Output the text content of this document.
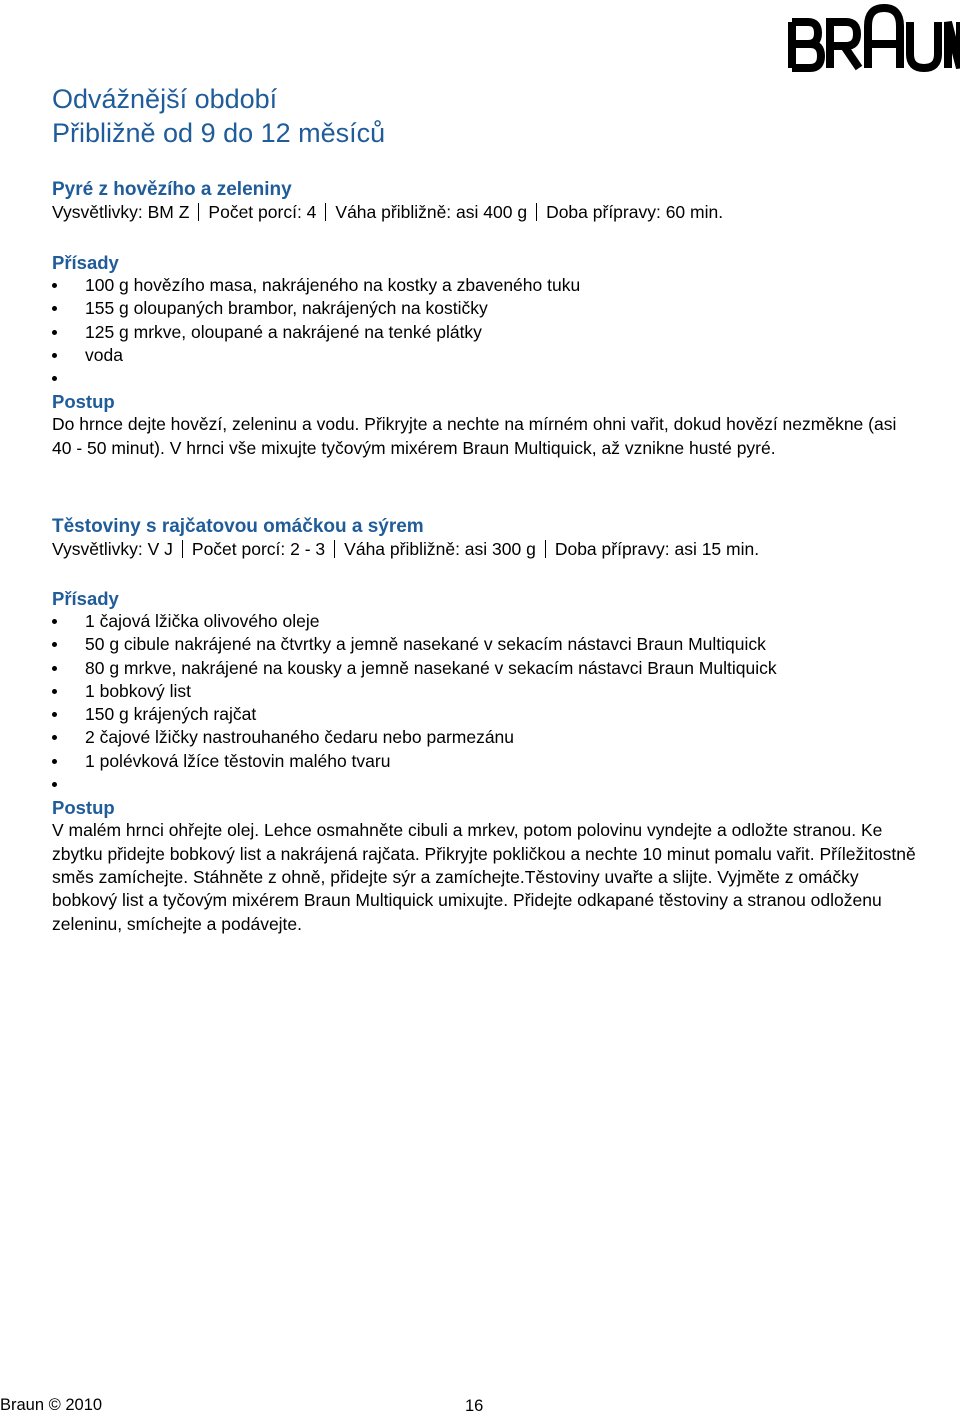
Odvážnější období
Přibližně od 9 do 12 měsíců
Pyré z hovězího a zeleniny
Vysvětlivky: BM Z Počet porcí: 4 Váha přibližně: asi 400 g Doba přípravy: 60 min.
Přísady
100 g hovězího masa, nakrájeného na kostky a zbaveného tuku
155 g oloupaných brambor, nakrájených na kostičky
125 g mrkve, oloupané a nakrájené na tenké plátky
voda
Postup

Do hrnce dejte hovězí, zeleninu a vodu. Přikryjte a nechte na mírném ohni vařit, dokud hovězí nezměkne (asi 40 - 50 minut). V hrnci vše mixujte tyčovým mixérem Braun Multiquick, až vznikne husté pyré.

Těstoviny s rajčatovou omáčkou a sýrem
Vysvětlivky: V J Počet porcí: 2 - 3 Váha přibližně: asi 300 g Doba přípravy: asi 15 min.
Přísady
1 čajová lžička olivového oleje
50 g cibule nakrájené na čtvrtky a jemně nasekané v sekacím nástavci Braun Multiquick
80 g mrkve, nakrájené na kousky a jemně nasekané v sekacím nástavci Braun Multiquick
1 bobkový list
150 g krájených rajčat
2 čajové lžičky nastrouhaného čedaru nebo parmezánu
1 polévková lžíce těstovin malého tvaru
Postup

V malém hrnci ohřejte olej. Lehce osmahněte cibuli a mrkev, potom polovinu vyndejte a odložte stranou. Ke zbytku přidejte bobkový list a nakrájená rajčata. Přikryjte pokličkou a nechte 10 minut pomalu vařit. Příležitostně směs zamíchejte. Stáhněte z ohně, přidejte sýr a zamíchejte.Těstoviny uvařte a slijte. Vyjměte z omáčky bobkový list a tyčovým mixérem Braun Multiquick umixujte. Přidejte odkapané těstoviny a stranou odloženu zeleninu, smíchejte a podávejte.

Braun © 2010	16
